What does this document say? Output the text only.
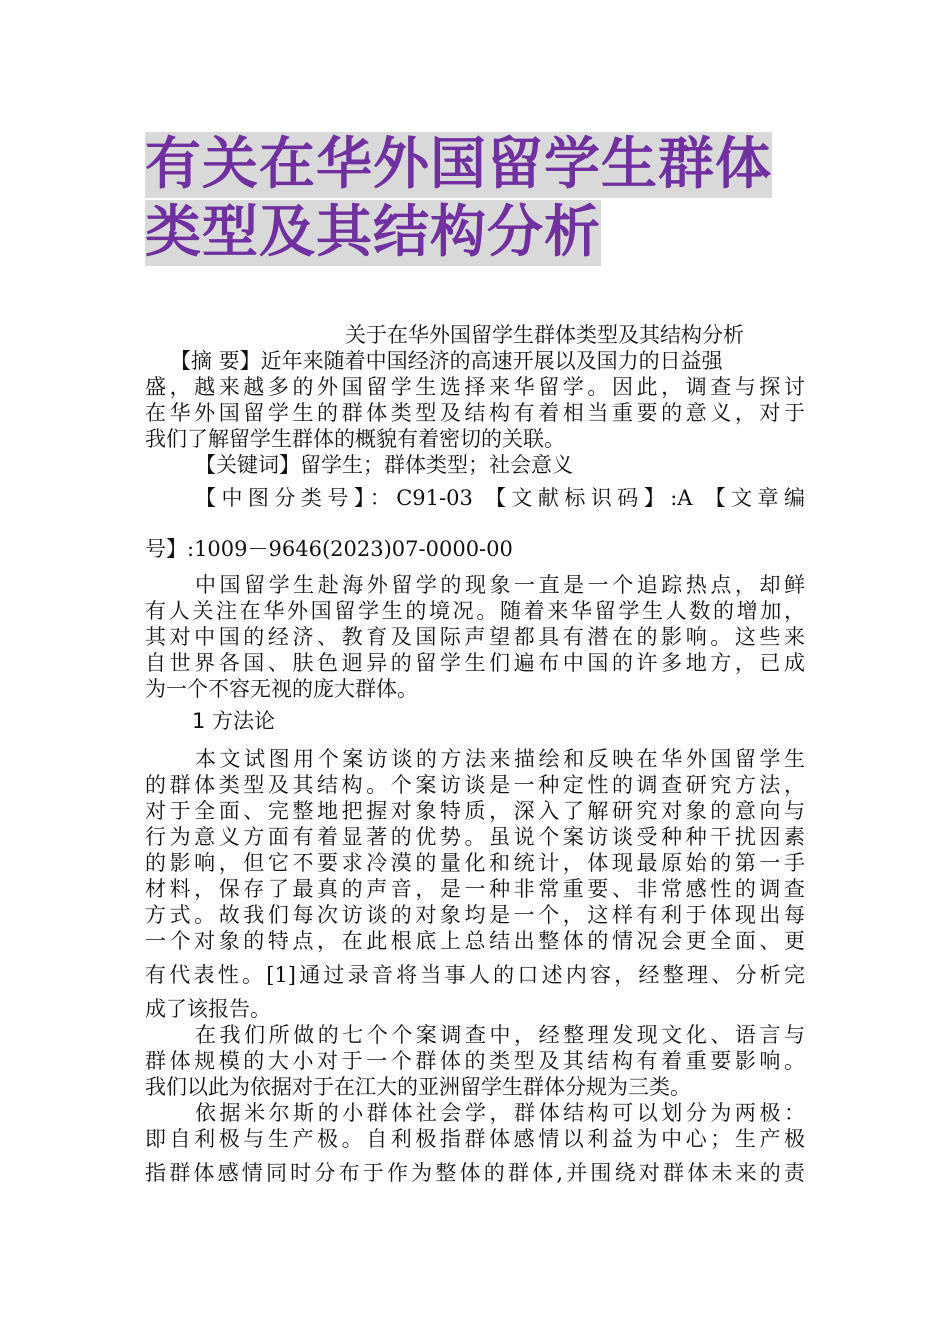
有关在华外国留学生群体
类型及其结构分析
关于在华外国留学生群体类型及其结构分析
【摘 要】近年来随着中国经济的高速开展以及国力的日益强
盛，越来越多的外国留学生选择来华留学。因此，调查与探讨
在华外国留学生的群体类型及结构有着相当重要的意义，对于
我们了解留学生群体的概貌有着密切的关联。
【关键词】留学生；群体类型；社会意义
【中图分类号】：C91-03 【文献标识码】:A 【文章编
号】:1009－9646(2023)07-0000-00
中国留学生赴海外留学的现象一直是一个追踪热点，却鲜
有人关注在华外国留学生的境况。随着来华留学生人数的增加，
其对中国的经济、教育及国际声望都具有潜在的影响。这些来
自世界各国、肤色迥异的留学生们遍布中国的许多地方，已成
为一个不容无视的庞大群体。
1 方法论
本文试图用个案访谈的方法来描绘和反映在华外国留学生
的群体类型及其结构。个案访谈是一种定性的调查研究方法，
对于全面、完整地把握对象特质，深入了解研究对象的意向与
行为意义方面有着显著的优势。虽说个案访谈受种种干扰因素
的影响，但它不要求冷漠的量化和统计，体现最原始的第一手
材料，保存了最真的声音，是一种非常重要、非常感性的调查
方式。故我们每次访谈的对象均是一个，这样有利于体现出每
一个对象的特点，在此根底上总结出整体的情况会更全面、更
有代表性。[1]通过录音将当事人的口述内容，经整理、分析完
成了该报告。
在我们所做的七个个案调查中，经整理发现文化、语言与
群体规模的大小对于一个群体的类型及其结构有着重要影响。
我们以此为依据对于在江大的亚洲留学生群体分规为三类。
依据米尔斯的小群体社会学，群体结构可以划分为两极：
即自利极与生产极。自利极指群体感情以利益为中心；生产极
指群体感情同时分布于作为整体的群体,并围绕对群体未来的责
